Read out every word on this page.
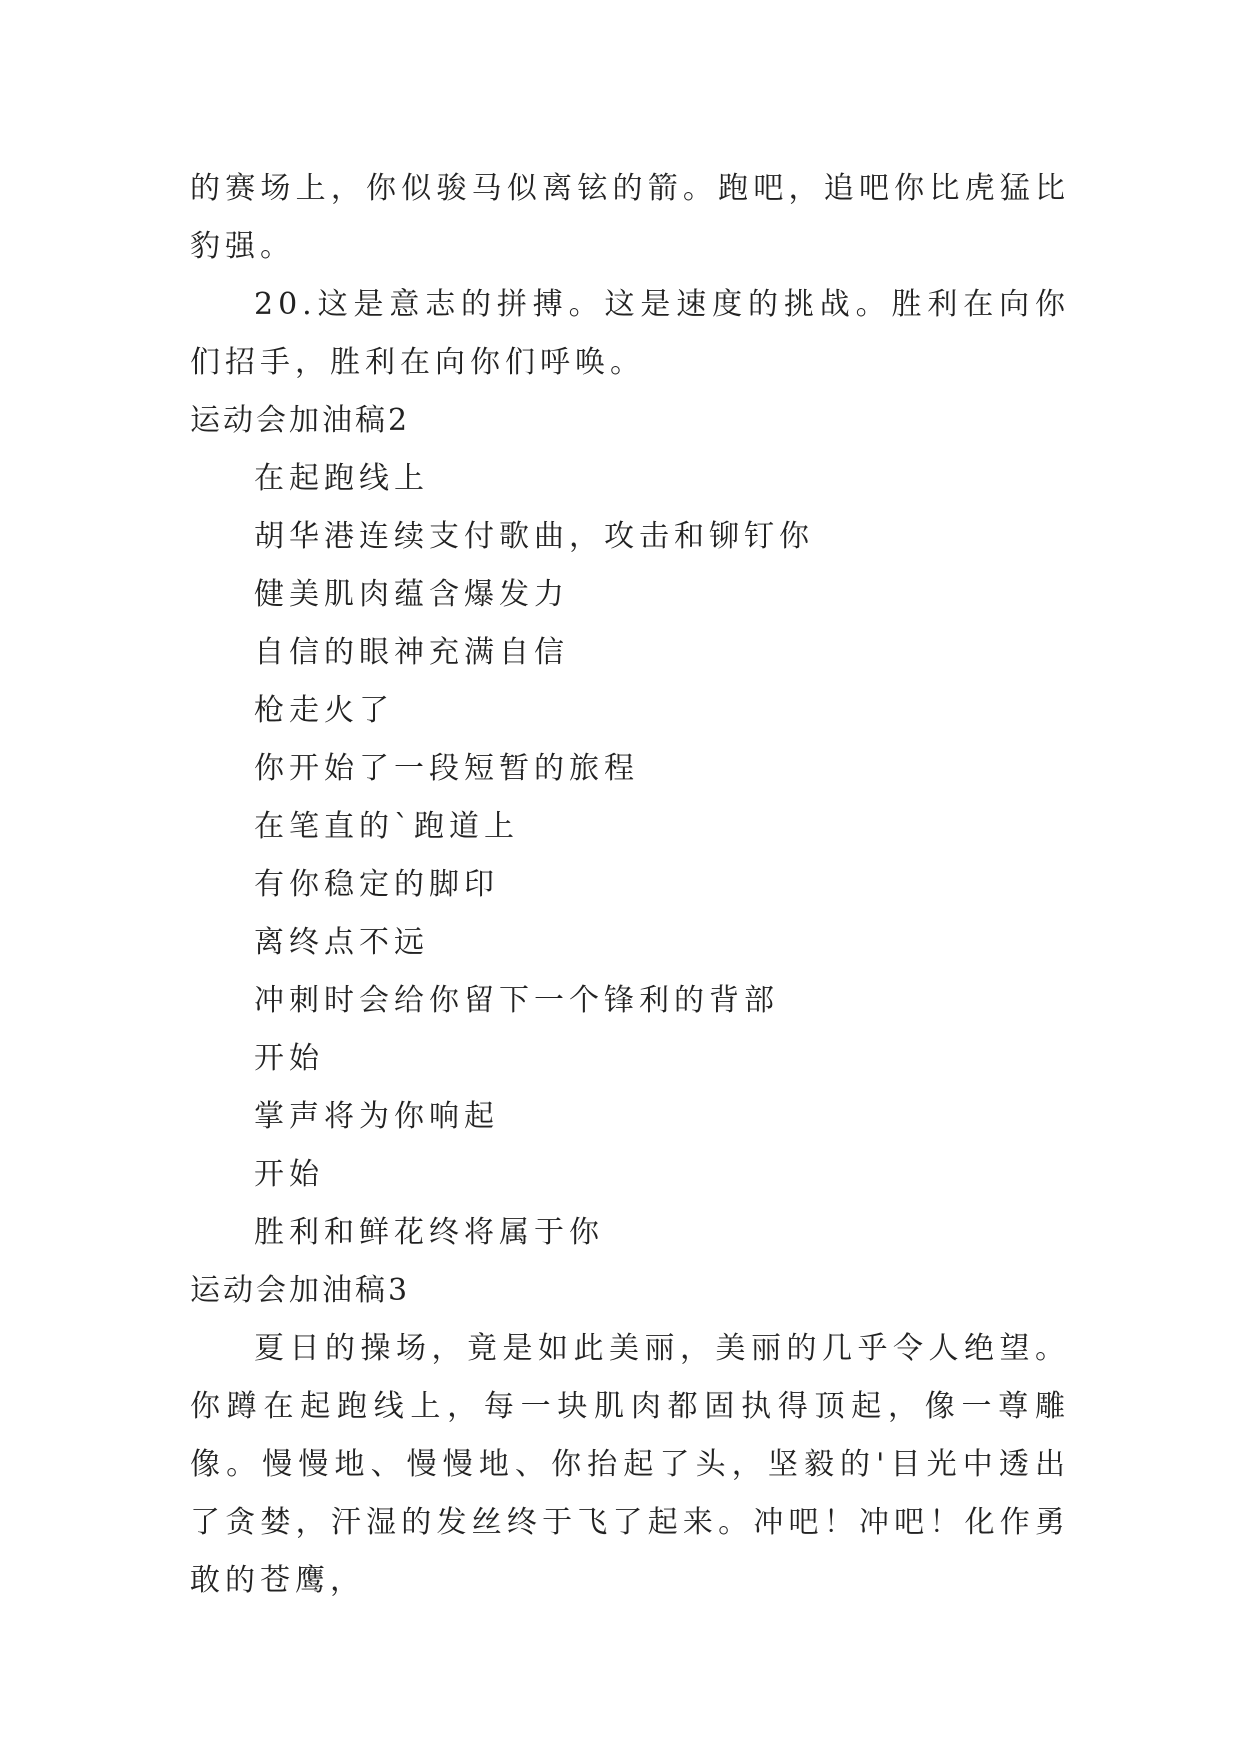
的赛场上，你似骏马似离铉的箭。跑吧，追吧你比虎猛比豹强。

20.这是意志的拼搏。这是速度的挑战。胜利在向你们招手，胜利在向你们呼唤。

运动会加油稿2

在起跑线上

胡华港连续支付歌曲，攻击和铆钉你

健美肌肉蕴含爆发力

自信的眼神充满自信

枪走火了

你开始了一段短暂的旅程

在笔直的`跑道上

有你稳定的脚印

离终点不远

冲刺时会给你留下一个锋利的背部

开始

掌声将为你响起

开始

胜利和鲜花终将属于你

运动会加油稿3

夏日的操场，竟是如此美丽，美丽的几乎令人绝望。你蹲在起跑线上，每一块肌肉都固执得顶起，像一尊雕像。慢慢地、慢慢地、你抬起了头，坚毅的'目光中透出了贪婪，汗湿的发丝终于飞了起来。冲吧！冲吧！化作勇敢的苍鹰，
